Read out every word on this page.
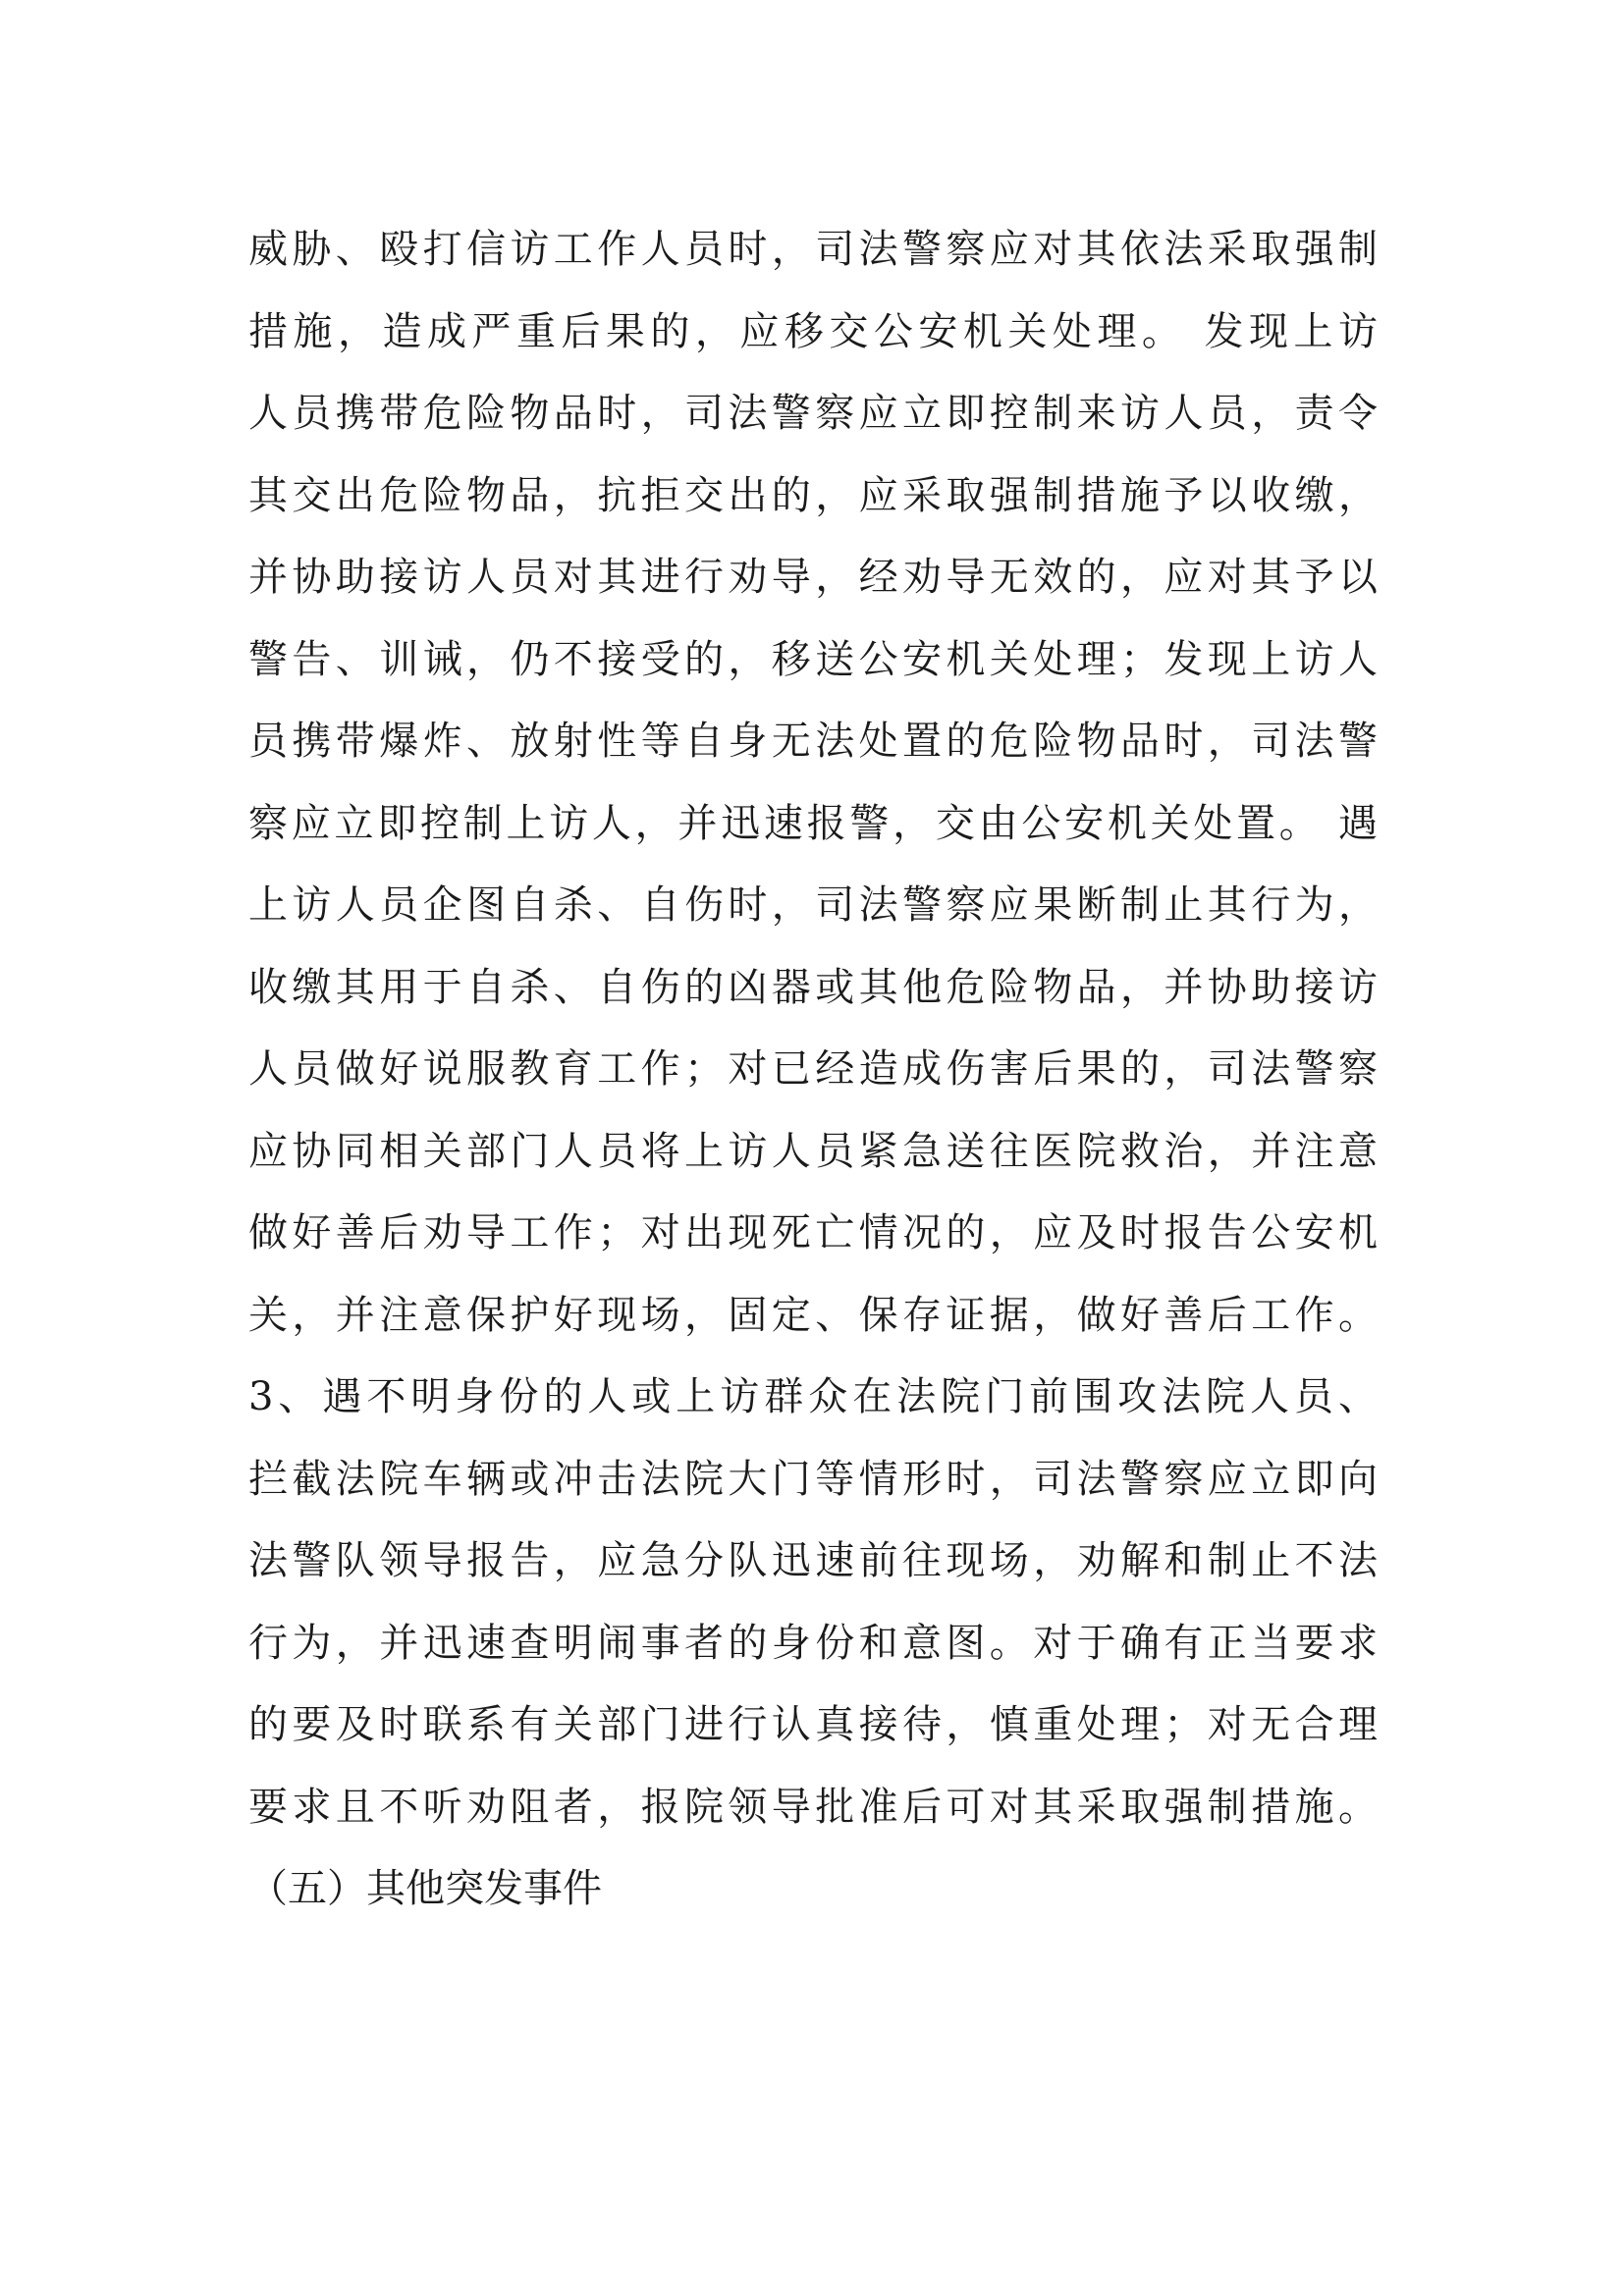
威胁、殴打信访工作人员时，司法警察应对其依法采取强制
措施，造成严重后果的，应移交公安机关处理。 发现上访
人员携带危险物品时，司法警察应立即控制来访人员，责令
其交出危险物品，抗拒交出的，应采取强制措施予以收缴，
并协助接访人员对其进行劝导，经劝导无效的，应对其予以
警告、训诫，仍不接受的，移送公安机关处理；发现上访人
员携带爆炸、放射性等自身无法处置的危险物品时，司法警
察应立即控制上访人，并迅速报警，交由公安机关处置。 遇
上访人员企图自杀、自伤时，司法警察应果断制止其行为，
收缴其用于自杀、自伤的凶器或其他危险物品，并协助接访
人员做好说服教育工作；对已经造成伤害后果的，司法警察
应协同相关部门人员将上访人员紧急送往医院救治，并注意
做好善后劝导工作；对出现死亡情况的，应及时报告公安机
关，并注意保护好现场，固定、保存证据，做好善后工作。
3、遇不明身份的人或上访群众在法院门前围攻法院人员、
拦截法院车辆或冲击法院大门等情形时，司法警察应立即向
法警队领导报告，应急分队迅速前往现场，劝解和制止不法
行为，并迅速查明闹事者的身份和意图。对于确有正当要求
的要及时联系有关部门进行认真接待，慎重处理；对无合理
要求且不听劝阻者，报院领导批准后可对其采取强制措施。
（五）其他突发事件
